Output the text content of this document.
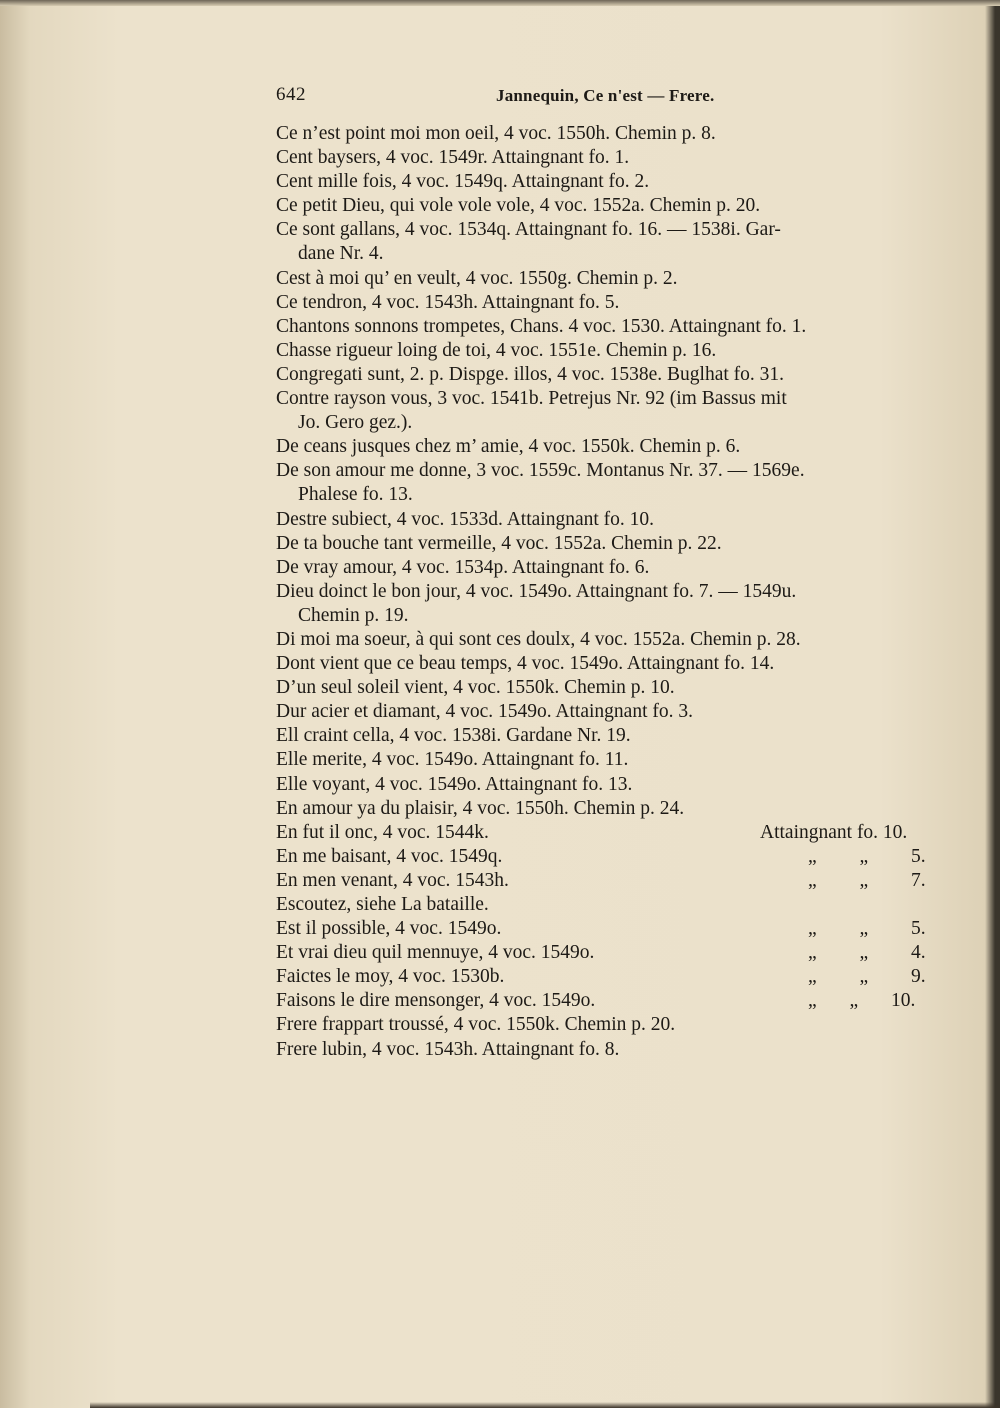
642	Jannequin, Ce n'est — Frere.
Ce n’est point moi mon oeil, 4 voc. 1550h. Chemin p. 8.
Cent baysers, 4 voc. 1549r. Attaingnant fo. 1.
Cent mille fois, 4 voc. 1549q. Attaingnant fo. 2.
Ce petit Dieu, qui vole vole vole, 4 voc. 1552a. Chemin p. 20.
Ce sont gallans, 4 voc. 1534q. Attaingnant fo. 16. — 1538i. Gar-
dane Nr. 4.
Cest à moi qu’ en veult, 4 voc. 1550g. Chemin p. 2.
Ce tendron, 4 voc. 1543h. Attaingnant fo. 5.
Chantons sonnons trompetes, Chans. 4 voc. 1530. Attaingnant fo. 1.
Chasse rigueur loing de toi, 4 voc. 1551e. Chemin p. 16.
Congregati sunt, 2. p. Dispge. illos, 4 voc. 1538e. Buglhat fo. 31.
Contre rayson vous, 3 voc. 1541b. Petrejus Nr. 92 (im Bassus mit
Jo. Gero gez.).
De ceans jusques chez m’ amie, 4 voc. 1550k. Chemin p. 6.
De son amour me donne, 3 voc. 1559c. Montanus Nr. 37. — 1569e.
Phalese fo. 13.
Destre subiect, 4 voc. 1533d. Attaingnant fo. 10.
De ta bouche tant vermeille, 4 voc. 1552a. Chemin p. 22.
De vray amour, 4 voc. 1534p. Attaingnant fo. 6.
Dieu doinct le bon jour, 4 voc. 1549o. Attaingnant fo. 7. — 1549u.
Chemin p. 19.
Di moi ma soeur, à qui sont ces doulx, 4 voc. 1552a. Chemin p. 28.
Dont vient que ce beau temps, 4 voc. 1549o. Attaingnant fo. 14.
D’un seul soleil vient, 4 voc. 1550k. Chemin p. 10.
Dur acier et diamant, 4 voc. 1549o. Attaingnant fo. 3.
Ell craint cella, 4 voc. 1538i. Gardane Nr. 19.
Elle merite, 4 voc. 1549o. Attaingnant fo. 11.
Elle voyant, 4 voc. 1549o. Attaingnant fo. 13.
En amour ya du plaisir, 4 voc. 1550h. Chemin p. 24.
En fut il onc, 4 voc. 1544k.	Attaingnant fo. 10.
En me baisant, 4 voc. 1549q.	„ „ 5.
En men venant, 4 voc. 1543h.	„ „ 7.
Escoutez, siehe La bataille.
Est il possible, 4 voc. 1549o.	„ „ 5.
Et vrai dieu quil mennuye, 4 voc. 1549o.	„ „ 4.
Faictes le moy, 4 voc. 1530b.	„ „ 9.
Faisons le dire mensonger, 4 voc. 1549o.	„ „ 10.
Frere frappart troussé, 4 voc. 1550k. Chemin p. 20.
Frere lubin, 4 voc. 1543h. Attaingnant fo. 8.
